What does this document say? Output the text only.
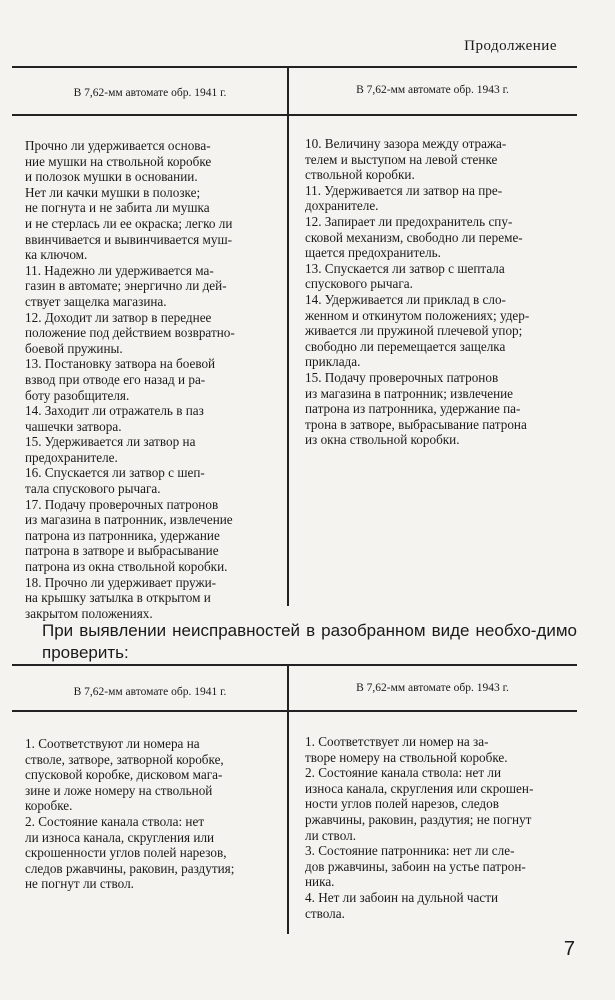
Продолжение
В 7,62-мм автомате обр. 1941 г.	В 7,62-мм автомате обр. 1943 г.

Прочно ли удерживается основа-

ние мушки на ствольной коробке

и полозок мушки в основании.

Нет ли качки мушки в полозке;

не погнута и не забита ли мушка

и не стерлась ли ее окраска; легко ли

ввинчивается и вывинчивается муш-

ка ключом.

11. Надежно ли удерживается ма-

газин в автомате; энергично ли дей-

ствует защелка магазина.

12. Доходит ли затвор в переднее

положение под действием возвратно-

боевой пружины.

13. Постановку затвора на боевой

взвод при отводе его назад и ра-

боту разобщителя.

14. Заходит ли отражатель в паз

чашечки затвора.

15. Удерживается ли затвор на

предохранителе.

16. Спускается ли затвор с шеп-

тала спускового рычага.

17. Подачу проверочных патронов

из магазина в патронник, извлечение

патрона из патронника, удержание

патрона в затворе и выбрасывание

патрона из окна ствольной коробки.

18. Прочно ли удерживает пружи-

на крышку затылка в открытом и

закрытом положениях.

10. Величину зазора между отража-

телем и выступом на левой стенке

ствольной коробки.

11. Удерживается ли затвор на пре-

дохранителе.

12. Запирает ли предохранитель спу-

сковой механизм, свободно ли переме-

щается предохранитель.

13. Спускается ли затвор с шептала

спускового рычага.

14. Удерживается ли приклад в сло-

женном и откинутом положениях; удер-

живается ли пружиной плечевой упор;

свободно ли перемещается защелка

приклада.

15. Подачу проверочных патронов

из магазина в патронник; извлечение

патрона из патронника, удержание па-

трона в затворе, выбрасывание патрона

из окна ствольной коробки.

При выявлении неисправностей в разобранном виде необхо-димо проверить:
В 7,62-мм автомате обр. 1941 г.	В 7,62-мм автомате обр. 1943 г.

1. Соответствуют ли номера на

стволе, затворе, затворной коробке,

спусковой коробке, дисковом мага-

зине и ложе номеру на ствольной

коробке.

2. Состояние канала ствола: нет

ли износа канала, скругления или

скрошенности углов полей нарезов,

следов ржавчины, раковин, раздутия;

не погнут ли ствол.

1. Соответствует ли номер на за-

творе номеру на ствольной коробке.

2. Состояние канала ствола: нет ли

износа канала, скругления или скрошен-

ности углов полей нарезов, следов

ржавчины, раковин, раздутия; не погнут

ли ствол.

3. Состояние патронника: нет ли сле-

дов ржавчины, забоин на устье патрон-

ника.

4. Нет ли забоин на дульной части

ствола.

7
